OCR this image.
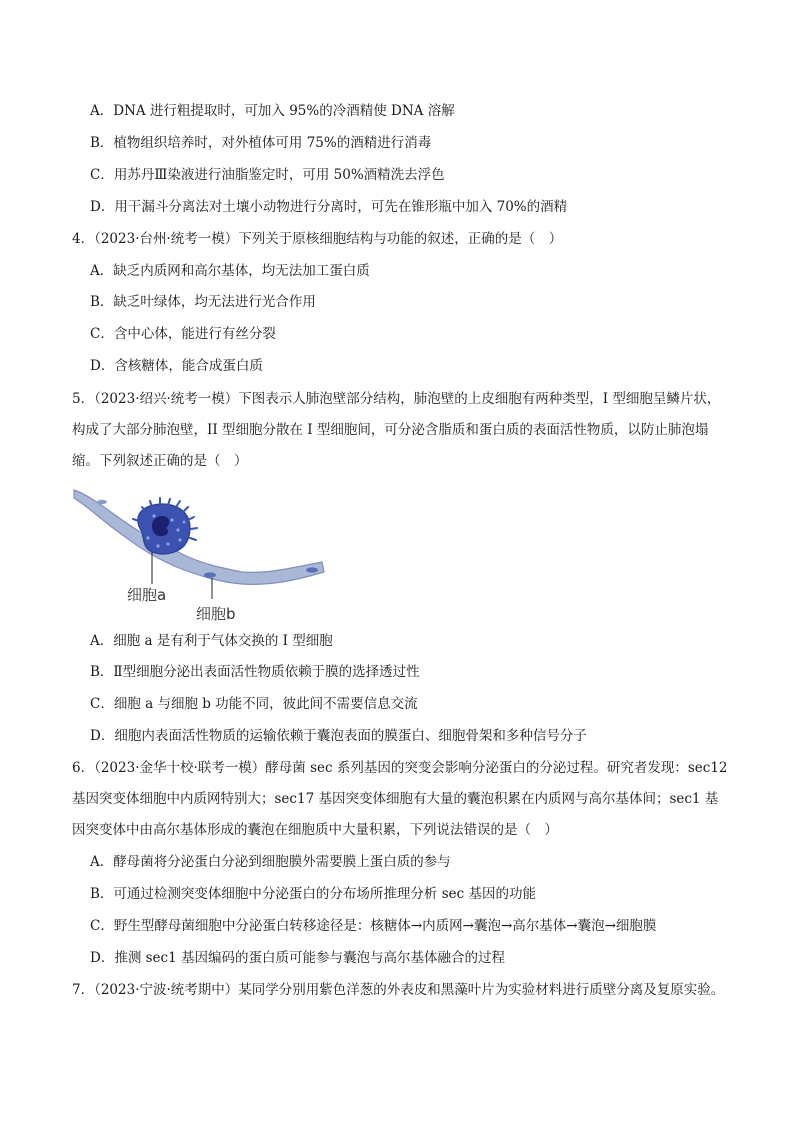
A．DNA 进行粗提取时，可加入 95%的冷酒精使 DNA 溶解
B．植物组织培养时，对外植体可用 75%的酒精进行消毒
C．用苏丹Ⅲ染液进行油脂鉴定时，可用 50%酒精洗去浮色
D．用干漏斗分离法对土壤小动物进行分离时，可先在锥形瓶中加入 70%的酒精
4．（2023·台州·统考一模）下列关于原核细胞结构与功能的叙述，正确的是（　）
A．缺乏内质网和高尔基体，均无法加工蛋白质
B．缺乏叶绿体，均无法进行光合作用
C．含中心体，能进行有丝分裂
D．含核糖体，能合成蛋白质
5．（2023·绍兴·统考一模）下图表示人肺泡壁部分结构，肺泡壁的上皮细胞有两种类型，I 型细胞呈鳞片状，
构成了大部分肺泡壁，II 型细胞分散在 I 型细胞间，可分泌含脂质和蛋白质的表面活性物质，以防止肺泡塌
缩。下列叙述正确的是（　）
细胞a
细胞b
A．细胞 a 是有利于气体交换的 I 型细胞
B．Ⅱ型细胞分泌出表面活性物质依赖于膜的选择透过性
C．细胞 a 与细胞 b 功能不同，彼此间不需要信息交流
D．细胞内表面活性物质的运输依赖于囊泡表面的膜蛋白、细胞骨架和多种信号分子
6．（2023·金华十校·联考一模）酵母菌 sec 系列基因的突变会影响分泌蛋白的分泌过程。研究者发现：sec12
基因突变体细胞中内质网特别大；sec17 基因突变体细胞有大量的囊泡积累在内质网与高尔基体间；sec1 基
因突变体中由高尔基体形成的囊泡在细胞质中大量积累，下列说法错误的是（　）
A．酵母菌将分泌蛋白分泌到细胞膜外需要膜上蛋白质的参与
B．可通过检测突变体细胞中分泌蛋白的分布场所推理分析 sec 基因的功能
C．野生型酵母菌细胞中分泌蛋白转移途径是：核糖体→内质网→囊泡→高尔基体→囊泡→细胞膜
D．推测 sec1 基因编码的蛋白质可能参与囊泡与高尔基体融合的过程
7．（2023·宁波·统考期中）某同学分别用紫色洋葱的外表皮和黑藻叶片为实验材料进行质壁分离及复原实验。
